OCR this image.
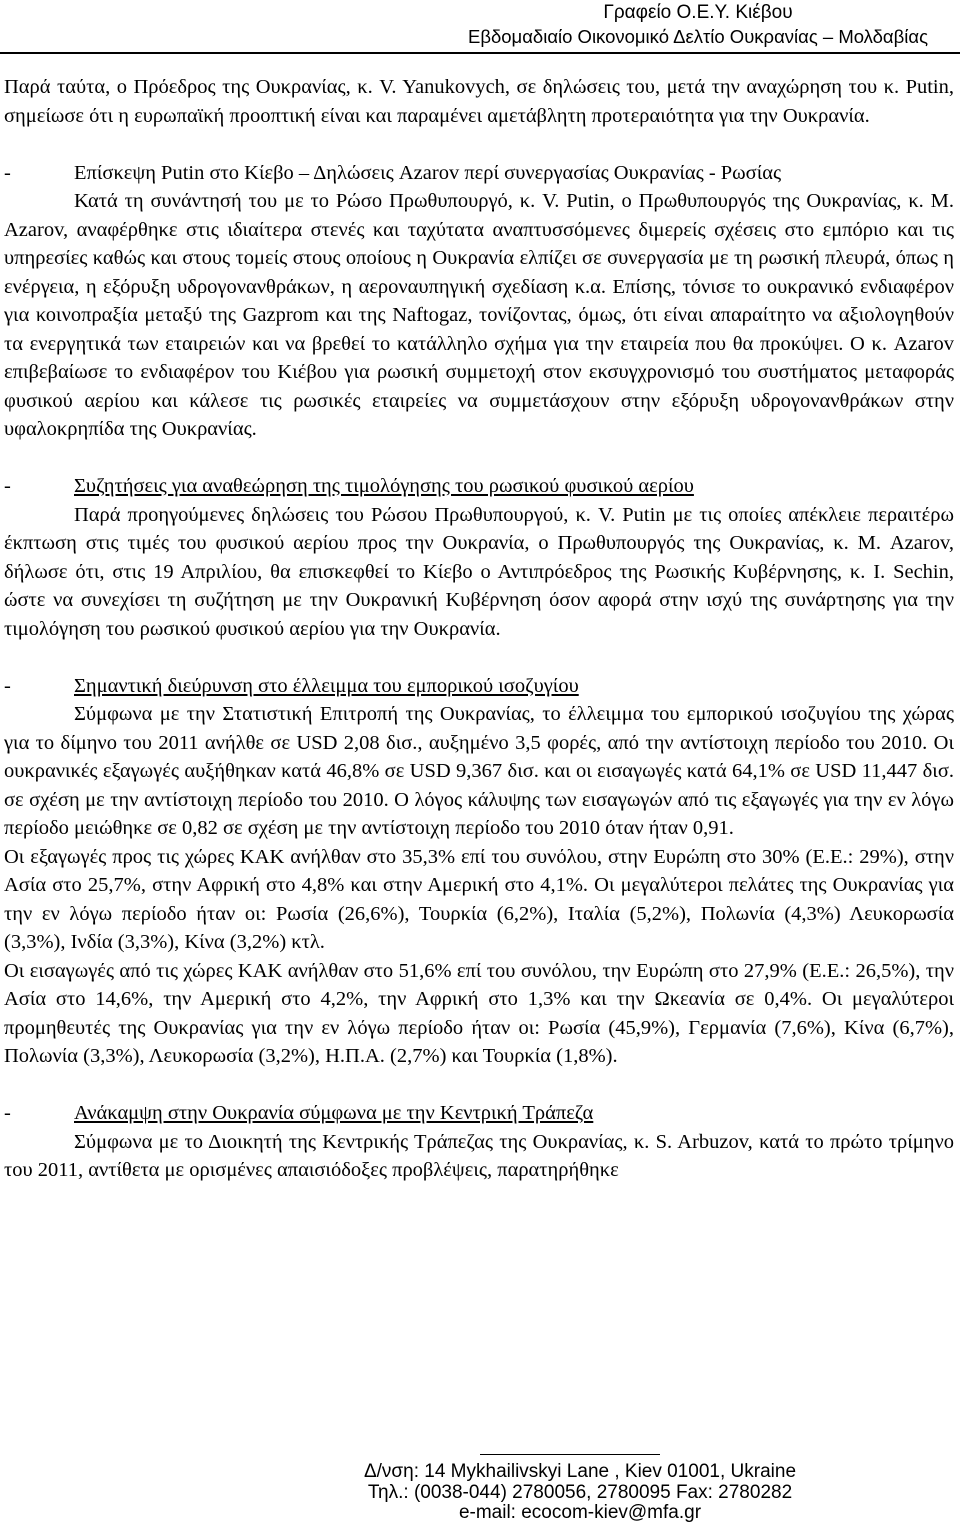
Γραφείο Ο.Ε.Υ. Κιέβου
Εβδομαδιαίο Οικονομικό Δελτίο Ουκρανίας – Μολδαβίας

Παρά ταύτα, ο Πρόεδρος της Ουκρανίας, κ. V. Yanukovych, σε δηλώσεις του, μετά την αναχώρηση του κ. Putin, σημείωσε ότι η ευρωπαϊκή προοπτική είναι και παραμένει αμετάβλητη προτεραιότητα για την Ουκρανία.

-	Επίσκεψη Putin στο Κίεβο – Δηλώσεις Azarov περί συνεργασίας Ουκρανίας - Ρωσίας

Κατά τη συνάντησή του με το Ρώσο Πρωθυπουργό, κ. V. Putin, ο Πρωθυπουργός της Ουκρανίας, κ. Μ. Azarov, αναφέρθηκε στις ιδιαίτερα στενές και ταχύτατα αναπτυσσόμενες διμερείς σχέσεις στο εμπόριο και τις υπηρεσίες καθώς και στους τομείς στους οποίους η Ουκρανία ελπίζει σε συνεργασία με τη ρωσική πλευρά, όπως η ενέργεια, η εξόρυξη υδρογονανθράκων, η αεροναυπηγική σχεδίαση κ.α. Επίσης, τόνισε το ουκρανικό ενδιαφέρον για κοινοπραξία μεταξύ της Gazprom και της Naftogaz, τονίζοντας, όμως, ότι είναι απαραίτητο να αξιολογηθούν τα ενεργητικά των εταιρειών και να βρεθεί το κατάλληλο σχήμα για την εταιρεία που θα προκύψει. Ο κ. Azarov επιβεβαίωσε το ενδιαφέρον του Κιέβου για ρωσική συμμετοχή στον εκσυγχρονισμό του συστήματος μεταφοράς φυσικού αερίου και κάλεσε τις ρωσικές εταιρείες να συμμετάσχουν στην εξόρυξη υδρογονανθράκων στην υφαλοκρηπίδα της Ουκρανίας.

-	Συζητήσεις για αναθεώρηση της τιμολόγησης του ρωσικού φυσικού αερίου

Παρά προηγούμενες δηλώσεις του Ρώσου Πρωθυπουργού, κ. V. Putin με τις οποίες απέκλειε περαιτέρω έκπτωση στις τιμές του φυσικού αερίου προς την Ουκρανία, ο Πρωθυπουργός της Ουκρανίας, κ. Μ. Azarov, δήλωσε ότι, στις 19 Απριλίου, θα επισκεφθεί το Κίεβο ο Αντιπρόεδρος της Ρωσικής Κυβέρνησης, κ. I. Sechin, ώστε να συνεχίσει τη συζήτηση με την Ουκρανική Κυβέρνηση όσον αφορά στην ισχύ της συνάρτησης για την τιμολόγηση του ρωσικού φυσικού αερίου για την Ουκρανία.

-	Σημαντική διεύρυνση στο έλλειμμα του εμπορικού ισοζυγίου

Σύμφωνα με την Στατιστική Επιτροπή της Ουκρανίας, το έλλειμμα του εμπορικού ισοζυγίου της χώρας για το δίμηνο του 2011 ανήλθε σε USD 2,08 δισ., αυξημένο 3,5 φορές, από την αντίστοιχη περίοδο του 2010. Οι ουκρανικές εξαγωγές αυξήθηκαν κατά 46,8% σε USD 9,367 δισ. και οι εισαγωγές κατά 64,1% σε USD 11,447 δισ. σε σχέση με την αντίστοιχη περίοδο του 2010. Ο λόγος κάλυψης των εισαγωγών από τις εξαγωγές για την εν λόγω περίοδο μειώθηκε σε 0,82 σε σχέση με την αντίστοιχη περίοδο του 2010 όταν ήταν 0,91.

Οι εξαγωγές προς τις χώρες ΚΑΚ ανήλθαν στο 35,3% επί του συνόλου, στην Ευρώπη στο 30% (Ε.Ε.: 29%), στην Ασία στο 25,7%, στην Αφρική στο 4,8% και στην Αμερική στο 4,1%. Οι μεγαλύτεροι πελάτες της Ουκρανίας για την εν λόγω περίοδο ήταν οι: Ρωσία (26,6%), Τουρκία (6,2%), Ιταλία (5,2%), Πολωνία (4,3%) Λευκορωσία (3,3%), Ινδία (3,3%), Κίνα (3,2%) κτλ.

Οι εισαγωγές από τις χώρες ΚΑΚ ανήλθαν στο 51,6% επί του συνόλου, την Ευρώπη στο 27,9% (Ε.Ε.: 26,5%), την Ασία στο 14,6%, την Αμερική στο 4,2%, την Αφρική στο 1,3% και την Ωκεανία σε 0,4%. Οι μεγαλύτεροι προμηθευτές της Ουκρανίας για την εν λόγω περίοδο ήταν οι: Ρωσία (45,9%), Γερμανία (7,6%), Κίνα (6,7%), Πολωνία (3,3%), Λευκορωσία (3,2%), Η.Π.Α. (2,7%) και Τουρκία (1,8%).

-	Ανάκαμψη στην Ουκρανία σύμφωνα με την Κεντρική Τράπεζα

Σύμφωνα με το Διοικητή της Κεντρικής Τράπεζας της Ουκρανίας, κ. S. Arbuzov, κατά το πρώτο τρίμηνο του 2011, αντίθετα με ορισμένες απαισιόδοξες προβλέψεις, παρατηρήθηκε

Δ/νση: 14 Mykhailivskyi Lane , Kiev 01001, Ukraine
Τηλ.: (0038-044) 2780056, 2780095 Fax: 2780282
e-mail: ecocom-kiev@mfa.gr
